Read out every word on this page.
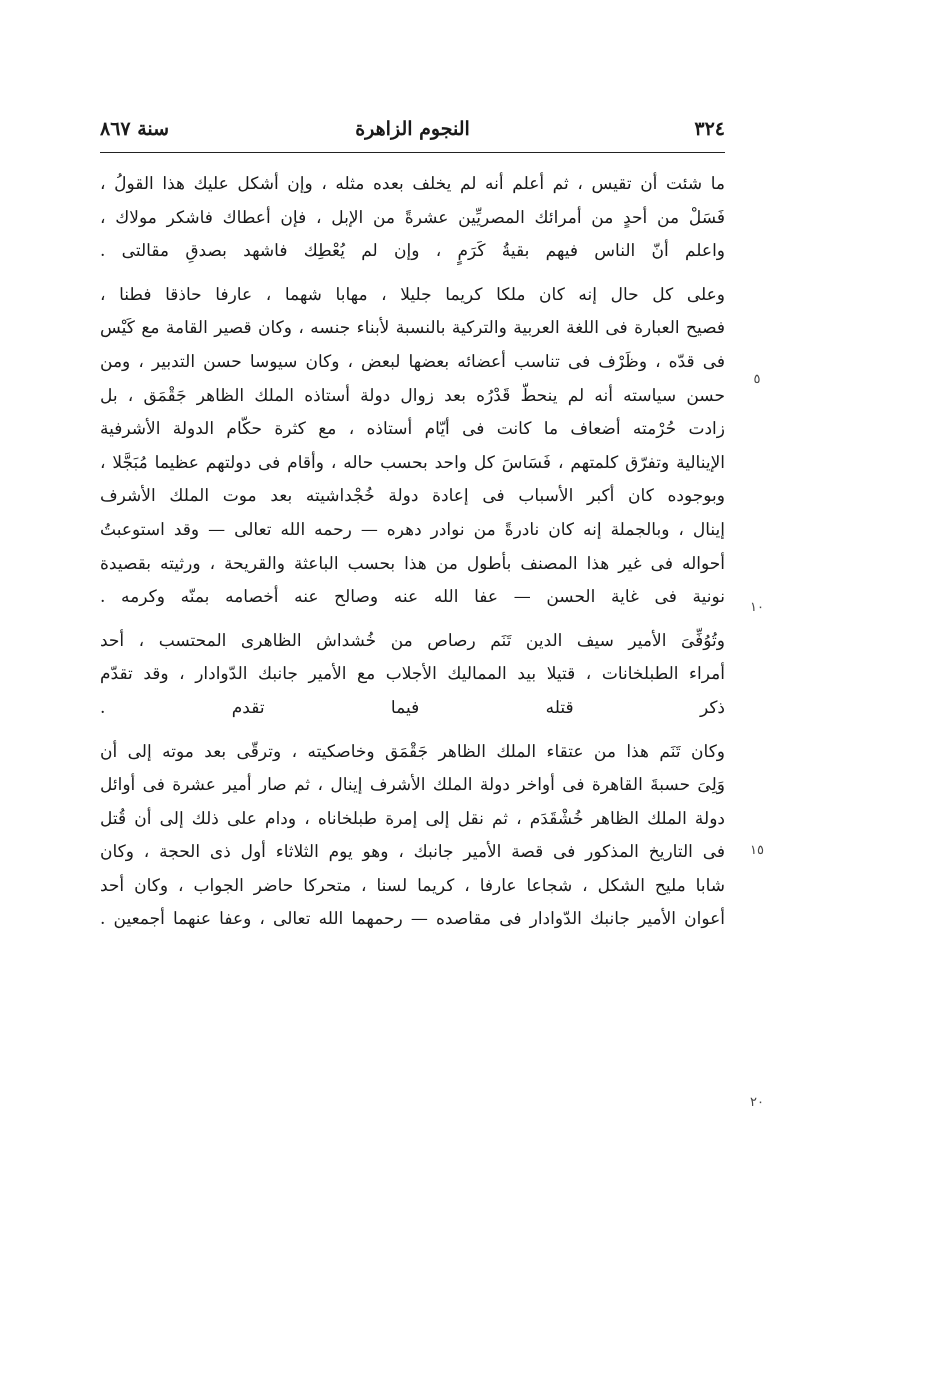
٣٢٤
النجوم الزاهرة
سنة ٨٦٧
ما شئت أن تقيس ، ثم أعلم أنه لم يخلف بعده مثله ، وإن أشكل عليك هذا القولُ ،
فَسَلْ من أحدٍ من أمرائك المصريِّين عشرةً من الإبل ، فإن أعطاك فاشكر مولاك ،
واعلم أنّ الناس فيهم بقيةُ كَرَمٍ ، وإن لم يُعْطِك فاشهد بصدقِ مقالتى .
وعلى كل حال إنه كان ملكا كريما جليلا ، مهابا شهما ، عارفا حاذقا فطنا ،
فصيح العبارة فى اللغة العربية والتركية بالنسبة لأبناء جنسه ، وكان قصير القامة مع كَيْس
فى قدّه ، وظَرْف فى تناسب أعضائه بعضها لبعض ، وكان سيوسا حسن التدبير ، ومن
حسن سياسته أنه لم ينحطّ قَدْرُه بعد زوال دولة أستاذه الملك الظاهر جَقْمَق ، بل
زادت حُرْمته أضعاف ما كانت فى أيّام أستاذه ، مع كثرة حكّام الدولة الأشرفية
الإينالية وتفرّق كلمتهم ، فَسَاسَ كل واحد بحسب حاله ، وأقام فى دولتهم عظيما مُبَجَّلا ،
وبوجوده كان أكبر الأسباب فى إعادة دولة خُجْداشيته بعد موت الملك الأشرف
إينال ، وبالجملة إنه كان نادرةً من نوادر دهره — رحمه الله تعالى — وقد استوعبتُ
أحواله فى غير هذا المصنف بأطول من هذا بحسب الباعثة والقريحة ، ورثيته بقصيدة
نونية فى غاية الحسن — عفا الله عنه وصالح عنه أخصامه بمنّه وكرمه .
وتُوُفِّىَ الأمير سيف الدين تَنَم رصاص من خُشداش الظاهرى المحتسب ، أحد
أمراء الطبلخانات ، قتيلا بيد المماليك الأجلاب مع الأمير جانبك الدّوادار ، وقد تقدّم
ذكر قتله فيما تقدم .
وكان تَنَم هذا من عتقاء الملك الظاهر جَقْمَق وخاصكيته ، وترقّى بعد موته إلى أن
وَلِىَ حسبةَ القاهرة فى أواخر دولة الملك الأشرف إينال ، ثم صار أمير عشرة فى أوائل
دولة الملك الظاهر خُشْقَدَم ، ثم نقل إلى إمرة طبلخاناه ، ودام على ذلك إلى أن قُتل
فى التاريخ المذكور فى قصة الأمير جانبك ، وهو يوم الثلاثاء أول ذى الحجة ، وكان
شابا مليح الشكل ، شجاعا عارفا ، كريما لسنا ، متحركا حاضر الجواب ، وكان أحد
أعوان الأمير جانبك الدّوادار فى مقاصده — رحمهما الله تعالى ، وعفا عنهما أجمعين .
٥
١٠
١٥
٢٠
